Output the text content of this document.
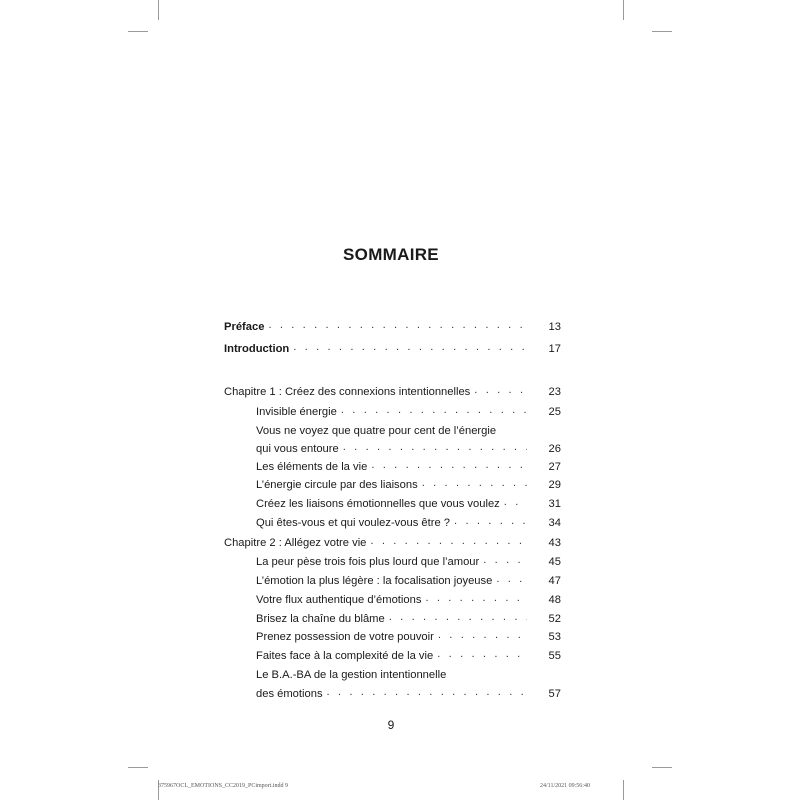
SOMMAIRE
Préface . . .	13
Introduction . . .	17
Chapitre 1 : Créez des connexions intentionnelles . . .	23
Invisible énergie . . .	25
Vous ne voyez que quatre pour cent de l’énergie
qui vous entoure . . .	26
Les éléments de la vie . . .	27
L’énergie circule par des liaisons . . .	29
Créez les liaisons émotionnelles que vous voulez . . .	31
Qui êtes-vous et qui voulez-vous être ? . . .	34
Chapitre 2 : Allégez votre vie . . .	43
La peur pèse trois fois plus lourd que l’amour . . .	45
L’émotion la plus légère : la focalisation joyeuse . . .	47
Votre flux authentique d’émotions . . .	48
Brisez la chaîne du blâme . . .	52
Prenez possession de votre pouvoir . . .	53
Faites face à la complexité de la vie . . .	55
Le B.A.-BA de la gestion intentionnelle
des émotions . . .	57
9
375967OCL_EMOTIONS_CC2019_PCimport.indd 9	24/11/2021 09:56:40
